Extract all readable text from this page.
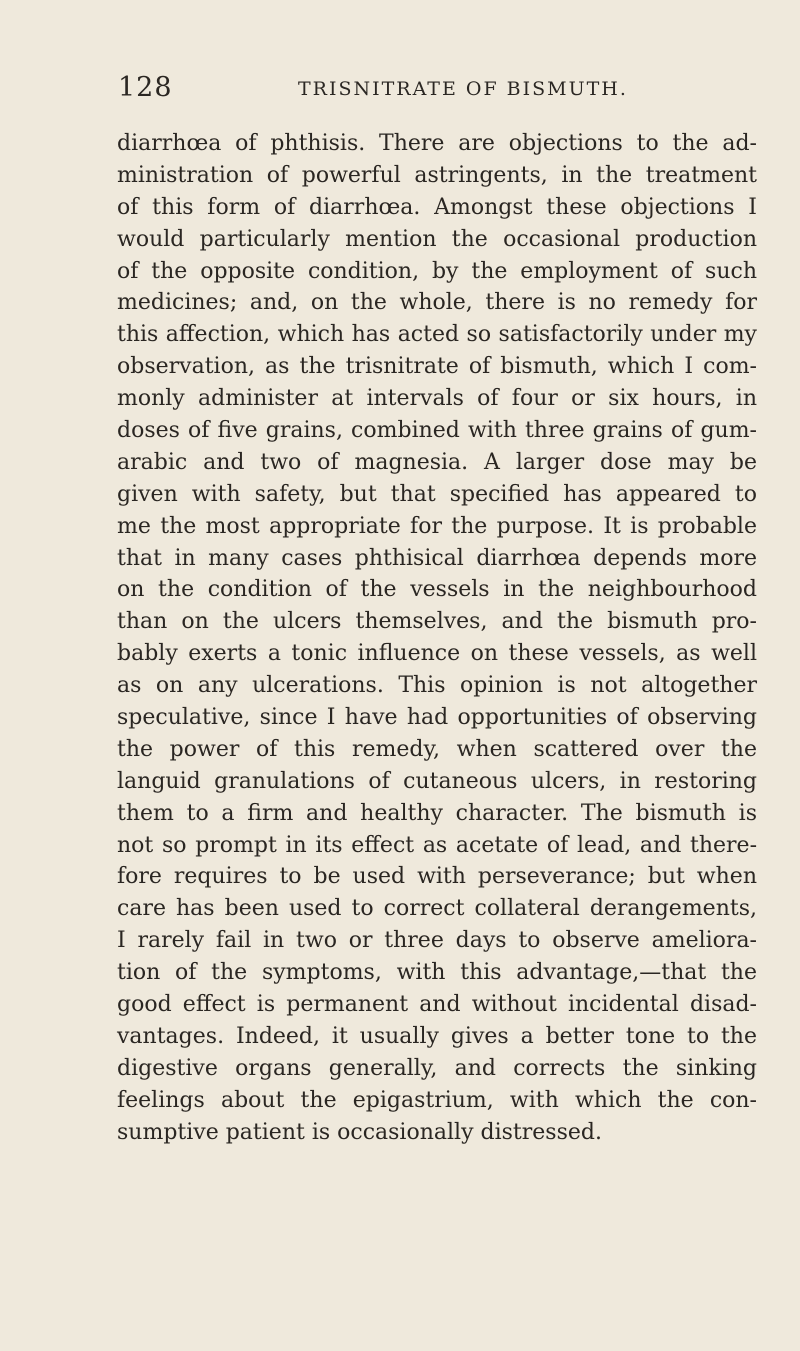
128	TRISNITRATE OF BISMUTH.
diarrhœa of phthisis. There are objections to the ad-
ministration of powerful astringents, in the treatment
of this form of diarrhœa. Amongst these objections I
would particularly mention the occasional production
of the opposite condition, by the employment of such
medicines; and, on the whole, there is no remedy for
this affection, which has acted so satisfactorily under my
observation, as the trisnitrate of bismuth, which I com-
monly administer at intervals of four or six hours, in
doses of five grains, combined with three grains of gum-
arabic and two of magnesia. A larger dose may be
given with safety, but that specified has appeared to
me the most appropriate for the purpose. It is probable
that in many cases phthisical diarrhœa depends more
on the condition of the vessels in the neighbourhood
than on the ulcers themselves, and the bismuth pro-
bably exerts a tonic influence on these vessels, as well
as on any ulcerations. This opinion is not altogether
speculative, since I have had opportunities of observing
the power of this remedy, when scattered over the
languid granulations of cutaneous ulcers, in restoring
them to a firm and healthy character. The bismuth is
not so prompt in its effect as acetate of lead, and there-
fore requires to be used with perseverance; but when
care has been used to correct collateral derangements,
I rarely fail in two or three days to observe ameliora-
tion of the symptoms, with this advantage,—that the
good effect is permanent and without incidental disad-
vantages. Indeed, it usually gives a better tone to the
digestive organs generally, and corrects the sinking
feelings about the epigastrium, with which the con-
sumptive patient is occasionally distressed.
